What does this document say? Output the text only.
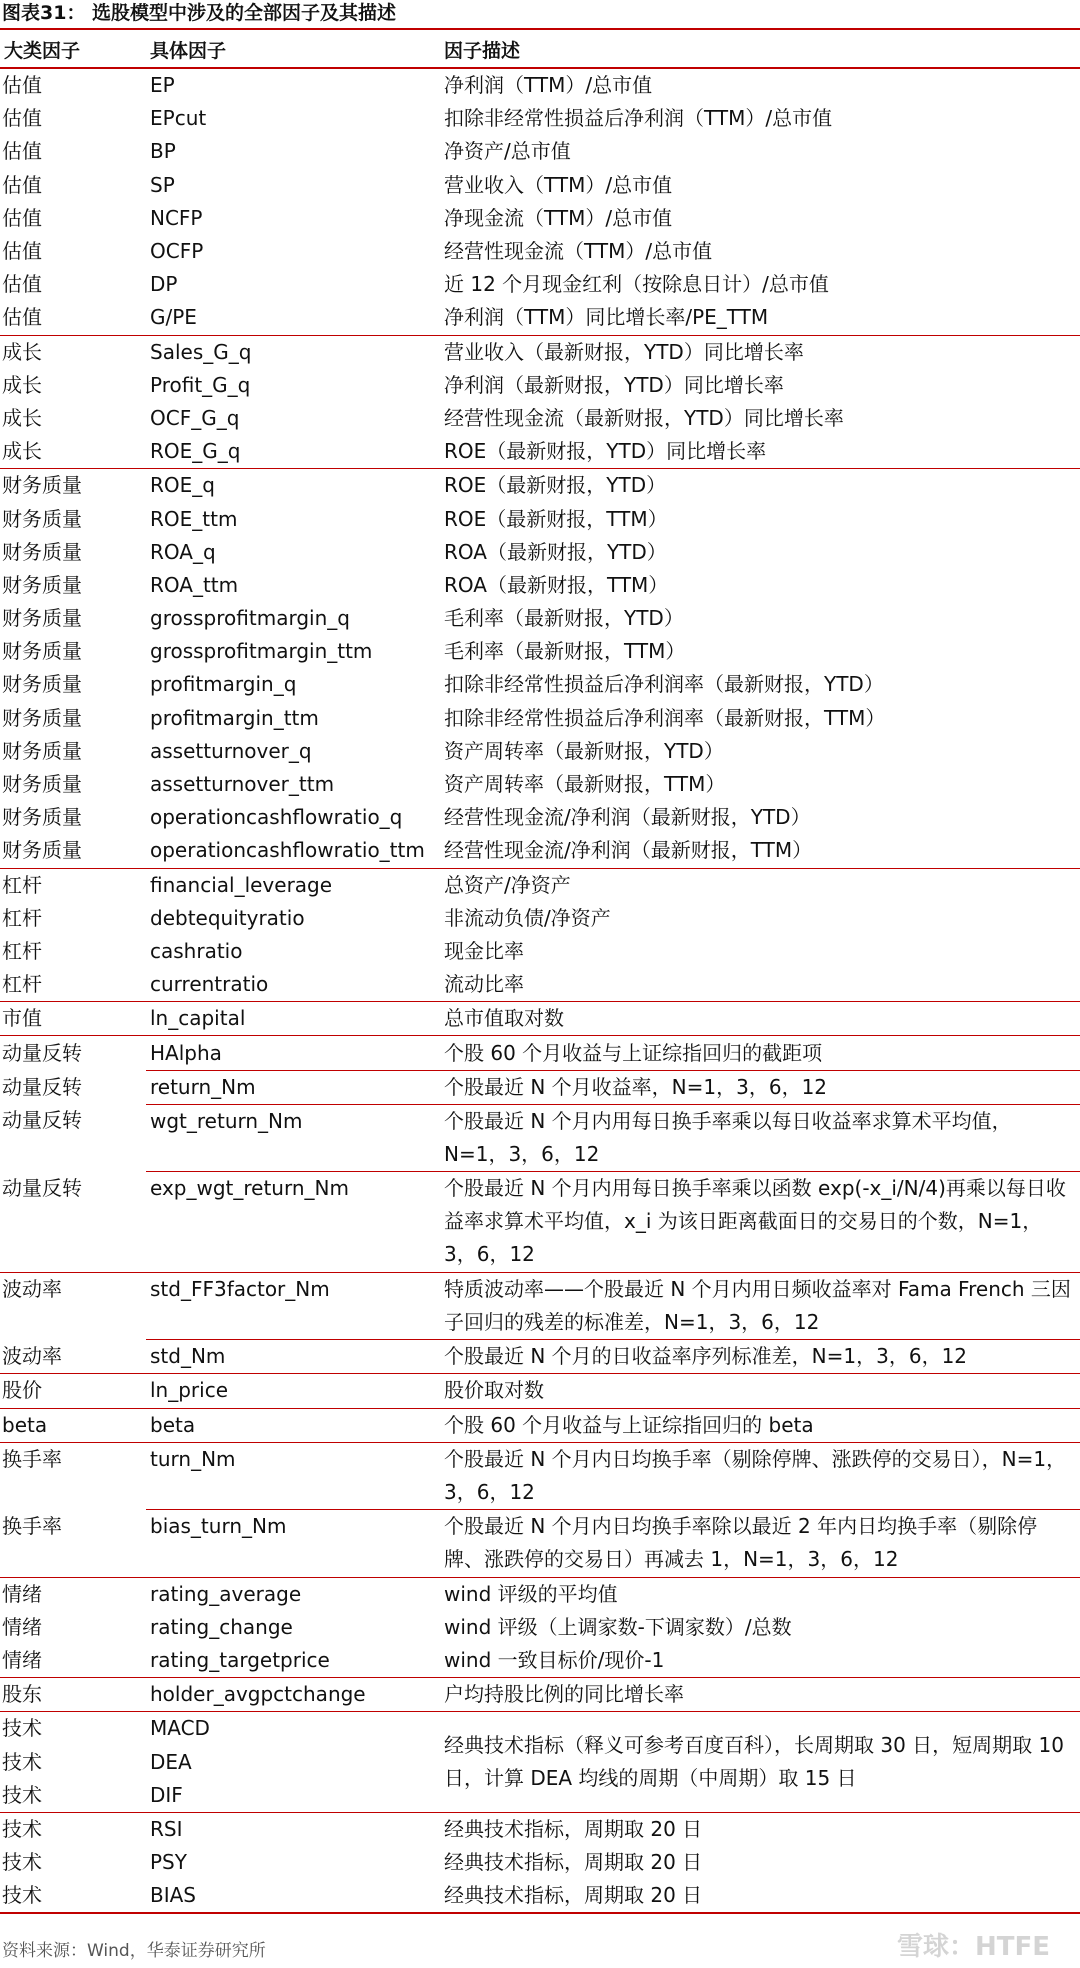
图表31： 选股模型中涉及的全部因子及其描述
大类因子	具体因子	因子描述
估值	EP	净利润（TTM）/总市值
估值	EPcut	扣除非经常性损益后净利润（TTM）/总市值
估值	BP	净资产/总市值
估值	SP	营业收入（TTM）/总市值
估值	NCFP	净现金流（TTM）/总市值
估值	OCFP	经营性现金流（TTM）/总市值
估值	DP	近 12 个月现金红利（按除息日计）/总市值
估值	G/PE	净利润（TTM）同比增长率/PE_TTM
成长	Sales_G_q	营业收入（最新财报，YTD）同比增长率
成长	Profit_G_q	净利润（最新财报，YTD）同比增长率
成长	OCF_G_q	经营性现金流（最新财报，YTD）同比增长率
成长	ROE_G_q	ROE（最新财报，YTD）同比增长率
财务质量	ROE_q	ROE（最新财报，YTD）
财务质量	ROE_ttm	ROE（最新财报，TTM）
财务质量	ROA_q	ROA（最新财报，YTD）
财务质量	ROA_ttm	ROA（最新财报，TTM）
财务质量	grossprofitmargin_q	毛利率（最新财报，YTD）
财务质量	grossprofitmargin_ttm	毛利率（最新财报，TTM）
财务质量	profitmargin_q	扣除非经常性损益后净利润率（最新财报，YTD）
财务质量	profitmargin_ttm	扣除非经常性损益后净利润率（最新财报，TTM）
财务质量	assetturnover_q	资产周转率（最新财报，YTD）
财务质量	assetturnover_ttm	资产周转率（最新财报，TTM）
财务质量	operationcashflowratio_q	经营性现金流/净利润（最新财报，YTD）
财务质量	operationcashflowratio_ttm	经营性现金流/净利润（最新财报，TTM）
杠杆	financial_leverage	总资产/净资产
杠杆	debtequityratio	非流动负债/净资产
杠杆	cashratio	现金比率
杠杆	currentratio	流动比率
市值	ln_capital	总市值取对数
动量反转	HAlpha	个股 60 个月收益与上证综指回归的截距项
动量反转	return_Nm	个股最近 N 个月收益率，N=1，3，6，12
动量反转	wgt_return_Nm	个股最近 N 个月内用每日换手率乘以每日收益率求算术平均值，N=1，3，6，12
动量反转	exp_wgt_return_Nm	个股最近 N 个月内用每日换手率乘以函数 exp(-x_i/N/4)再乘以每日收益率求算术平均值，x_i 为该日距离截面日的交易日的个数，N=1，3，6，12
波动率	std_FF3factor_Nm	特质波动率——个股最近 N 个月内用日频收益率对 Fama French 三因子回归的残差的标准差，N=1，3，6，12
波动率	std_Nm	个股最近 N 个月的日收益率序列标准差，N=1，3，6，12
股价	ln_price	股价取对数
beta	beta	个股 60 个月收益与上证综指回归的 beta
换手率	turn_Nm	个股最近 N 个月内日均换手率（剔除停牌、涨跌停的交易日），N=1，3，6，12
换手率	bias_turn_Nm	个股最近 N 个月内日均换手率除以最近 2 年内日均换手率（剔除停牌、涨跌停的交易日）再减去 1，N=1，3，6，12
情绪	rating_average	wind 评级的平均值
情绪	rating_change	wind 评级（上调家数-下调家数）/总数
情绪	rating_targetprice	wind 一致目标价/现价-1
股东	holder_avgpctchange	户均持股比例的同比增长率
技术	MACD	经典技术指标（释义可参考百度百科），长周期取 30 日，短周期取 10 日，计算 DEA 均线的周期（中周期）取 15 日
技术	DEA	
技术	DIF	
技术	RSI	经典技术指标，周期取 20 日
技术	PSY	经典技术指标，周期取 20 日
技术	BIAS	经典技术指标，周期取 20 日
资料来源：Wind，华泰证券研究所	雪球：HTFE
